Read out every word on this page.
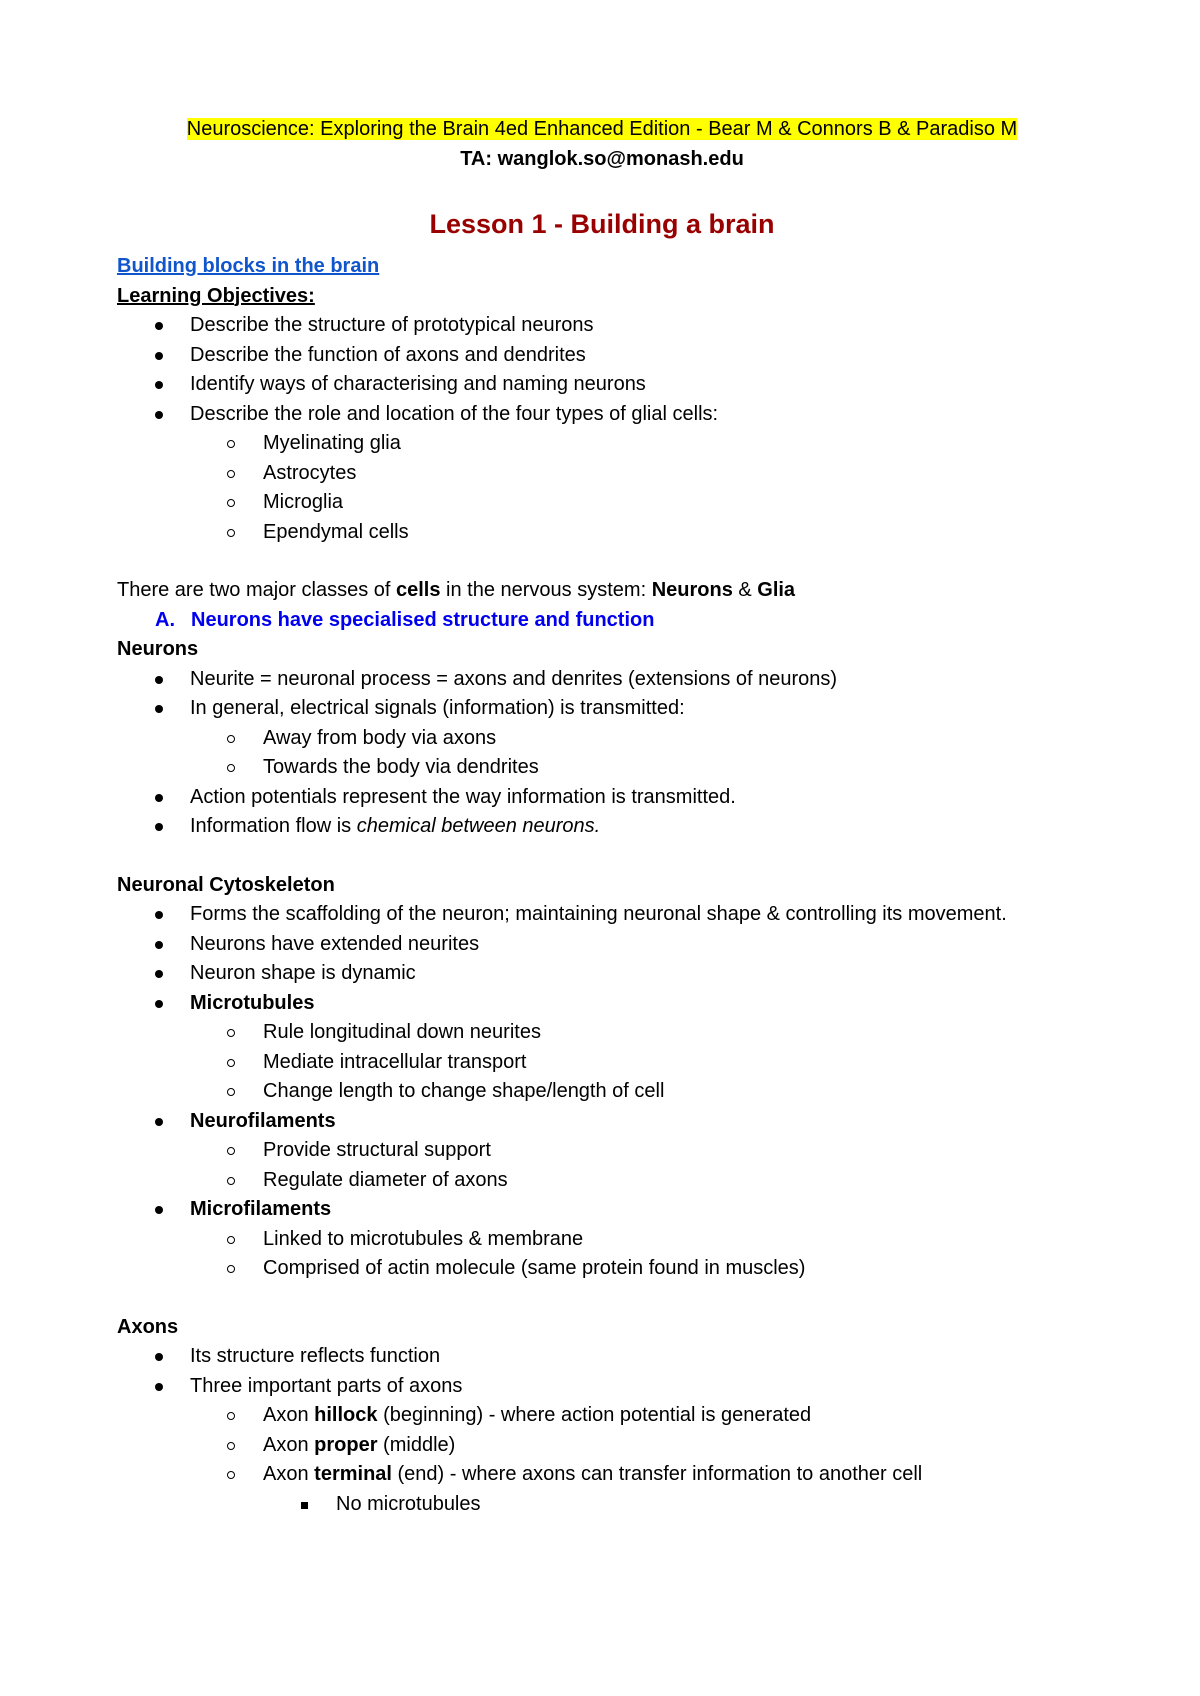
Neuroscience: Exploring the Brain 4ed Enhanced Edition - Bear M & Connors B & Paradiso M
TA: wanglok.so@monash.edu
Lesson 1 - Building a brain
Building blocks in the brain
Learning Objectives:
Describe the structure of prototypical neurons
Describe the function of axons and dendrites
Identify ways of characterising and naming neurons
Describe the role and location of the four types of glial cells:
Myelinating glia
Astrocytes
Microglia
Ependymal cells
There are two major classes of cells in the nervous system: Neurons & Glia
A. Neurons have specialised structure and function
Neurons
Neurite = neuronal process = axons and denrites (extensions of neurons)
In general, electrical signals (information) is transmitted:
Away from body via axons
Towards the body via dendrites
Action potentials represent the way information is transmitted.
Information flow is chemical between neurons.
Neuronal Cytoskeleton
Forms the scaffolding of the neuron; maintaining neuronal shape & controlling its movement.
Neurons have extended neurites
Neuron shape is dynamic
Microtubules
Rule longitudinal down neurites
Mediate intracellular transport
Change length to change shape/length of cell
Neurofilaments
Provide structural support
Regulate diameter of axons
Microfilaments
Linked to microtubules & membrane
Comprised of actin molecule (same protein found in muscles)
Axons
Its structure reflects function
Three important parts of axons
Axon hillock (beginning) - where action potential is generated
Axon proper (middle)
Axon terminal (end) - where axons can transfer information to another cell
No microtubules
